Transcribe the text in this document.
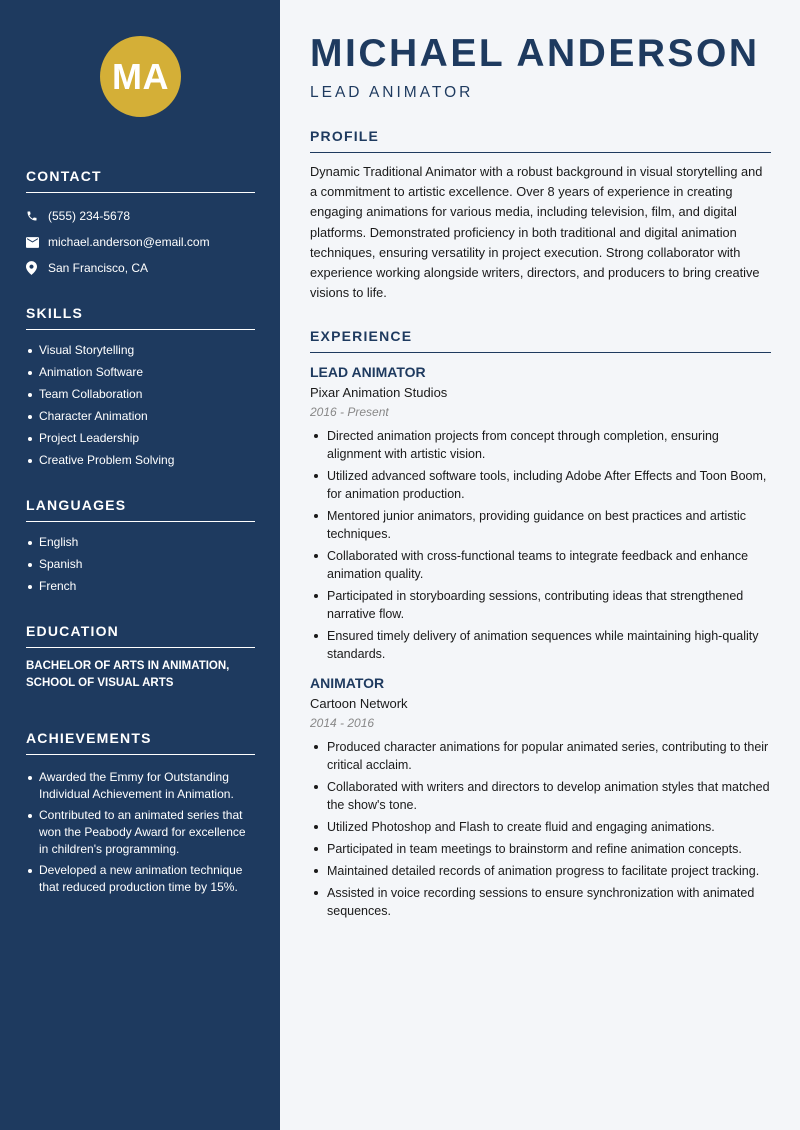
MA
CONTACT
(555) 234-5678
michael.anderson@email.com
San Francisco, CA
SKILLS
Visual Storytelling
Animation Software
Team Collaboration
Character Animation
Project Leadership
Creative Problem Solving
LANGUAGES
English
Spanish
French
EDUCATION
BACHELOR OF ARTS IN ANIMATION, SCHOOL OF VISUAL ARTS
ACHIEVEMENTS
Awarded the Emmy for Outstanding Individual Achievement in Animation.
Contributed to an animated series that won the Peabody Award for excellence in children's programming.
Developed a new animation technique that reduced production time by 15%.
MICHAEL ANDERSON
LEAD ANIMATOR
PROFILE

Dynamic Traditional Animator with a robust background in visual storytelling and a commitment to artistic excellence. Over 8 years of experience in creating engaging animations for various media, including television, film, and digital platforms. Demonstrated proficiency in both traditional and digital animation techniques, ensuring versatility in project execution. Strong collaborator with experience working alongside writers, directors, and producers to bring creative visions to life.

EXPERIENCE
LEAD ANIMATOR
Pixar Animation Studios
2016 - Present
Directed animation projects from concept through completion, ensuring alignment with artistic vision.
Utilized advanced software tools, including Adobe After Effects and Toon Boom, for animation production.
Mentored junior animators, providing guidance on best practices and artistic techniques.
Collaborated with cross-functional teams to integrate feedback and enhance animation quality.
Participated in storyboarding sessions, contributing ideas that strengthened narrative flow.
Ensured timely delivery of animation sequences while maintaining high-quality standards.
ANIMATOR
Cartoon Network
2014 - 2016
Produced character animations for popular animated series, contributing to their critical acclaim.
Collaborated with writers and directors to develop animation styles that matched the show's tone.
Utilized Photoshop and Flash to create fluid and engaging animations.
Participated in team meetings to brainstorm and refine animation concepts.
Maintained detailed records of animation progress to facilitate project tracking.
Assisted in voice recording sessions to ensure synchronization with animated sequences.
